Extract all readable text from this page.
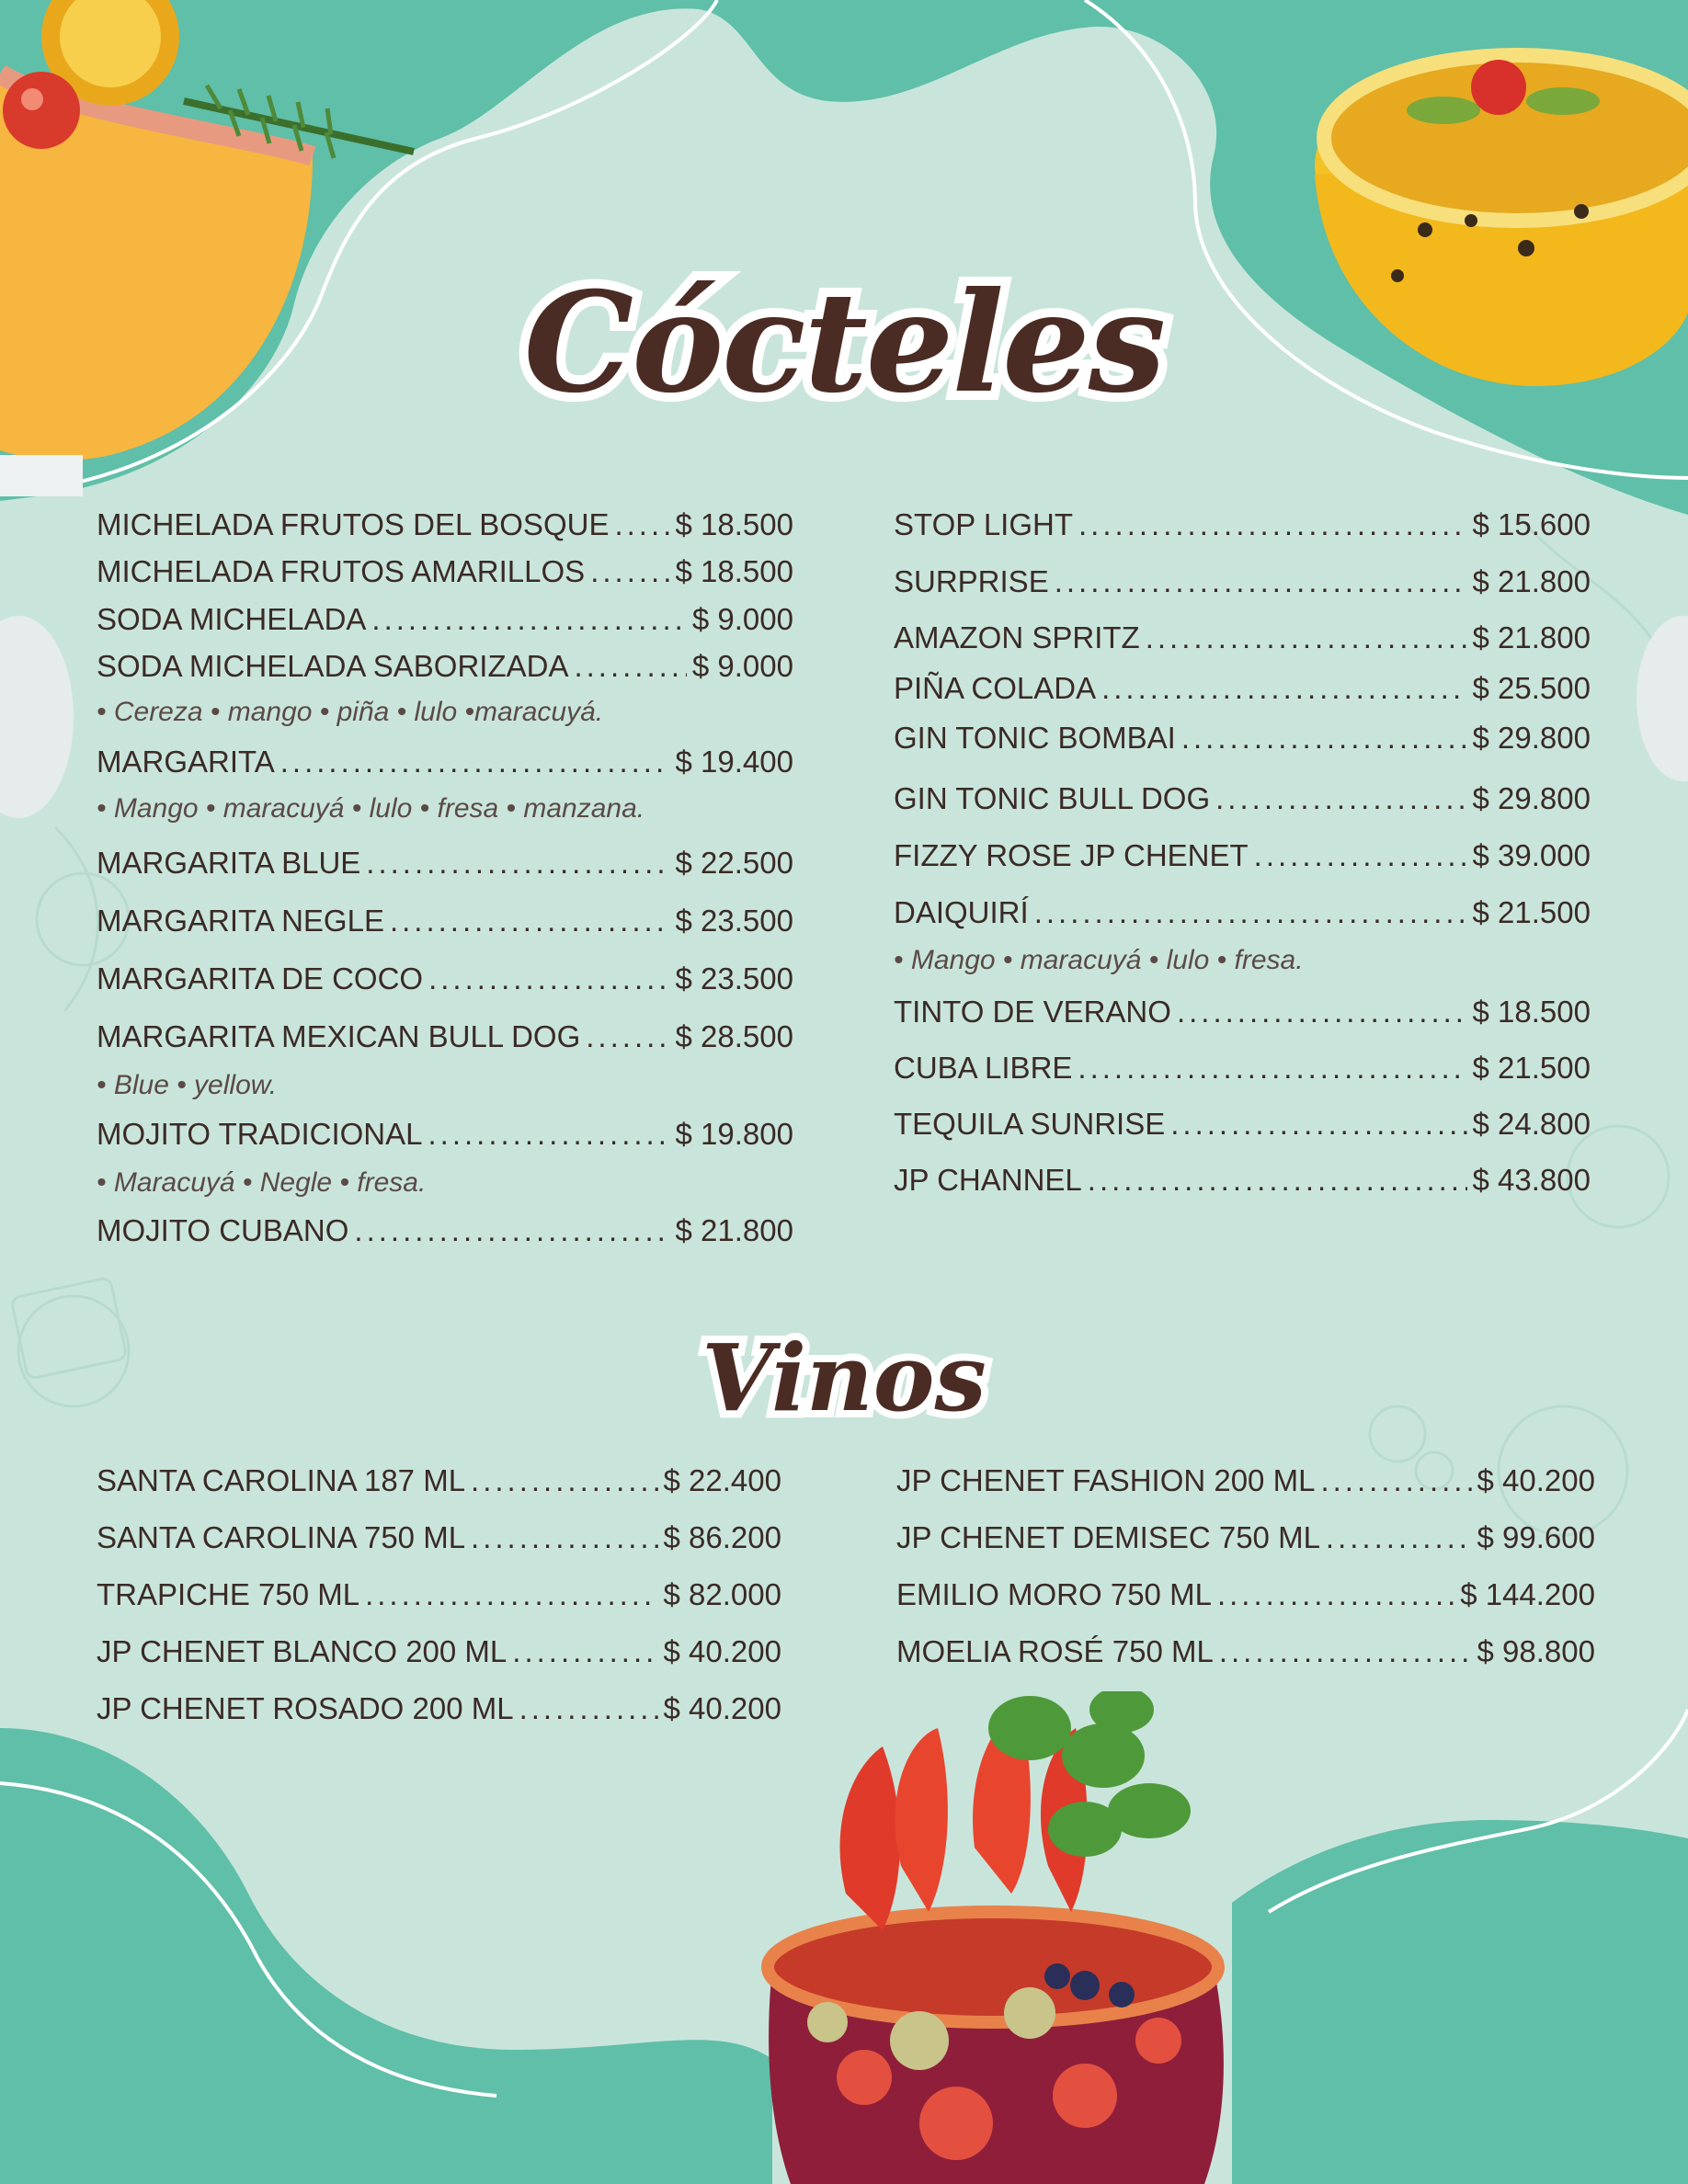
Cócteles
Vinos
MICHELADA FRUTOS DEL BOSQUE ..... $ 18.500
MICHELADA FRUTOS AMARILLOS .....	$ 18.500
SODA MICHELADA .....	$ 9.000
SODA MICHELADA SABORIZADA .....	$ 9.000
• Cereza • mango • piña • lulo •maracuyá.
MARGARITA .....	$ 19.400
• Mango • maracuyá • lulo • fresa • manzana.
MARGARITA BLUE .....	$ 22.500
MARGARITA NEGLE .....	$ 23.500
MARGARITA DE COCO .....	$ 23.500
MARGARITA MEXICAN BULL DOG .....	$ 28.500
• Blue • yellow.
MOJITO TRADICIONAL .....	$ 19.800
• Maracuyá • Negle • fresa.
MOJITO CUBANO .....	$ 21.800
STOP LIGHT .....	$ 15.600
SURPRISE .....	$ 21.800
AMAZON SPRITZ .....	$ 21.800
PIÑA COLADA .....	$ 25.500
GIN TONIC BOMBAI .....	$ 29.800
GIN TONIC BULL DOG .....	$ 29.800
FIZZY ROSE JP CHENET .....	$ 39.000
DAIQUIRÍ .....	$ 21.500
• Mango • maracuyá • lulo • fresa.
TINTO DE VERANO .....	$ 18.500
CUBA LIBRE .....	$ 21.500
TEQUILA SUNRISE .....	$ 24.800
JP CHANNEL .....	$ 43.800
SANTA CAROLINA 187 ML .....	$ 22.400
SANTA CAROLINA 750 ML .....	$ 86.200
TRAPICHE 750 ML .....	$ 82.000
JP CHENET BLANCO 200 ML .....	$ 40.200
JP CHENET ROSADO 200 ML .....	$ 40.200
JP CHENET FASHION 200 ML .....	$ 40.200
JP CHENET DEMISEC 750 ML .....	$ 99.600
EMILIO MORO 750 ML .....	$ 144.200
MOELIA ROSÉ 750 ML .....	$ 98.800
